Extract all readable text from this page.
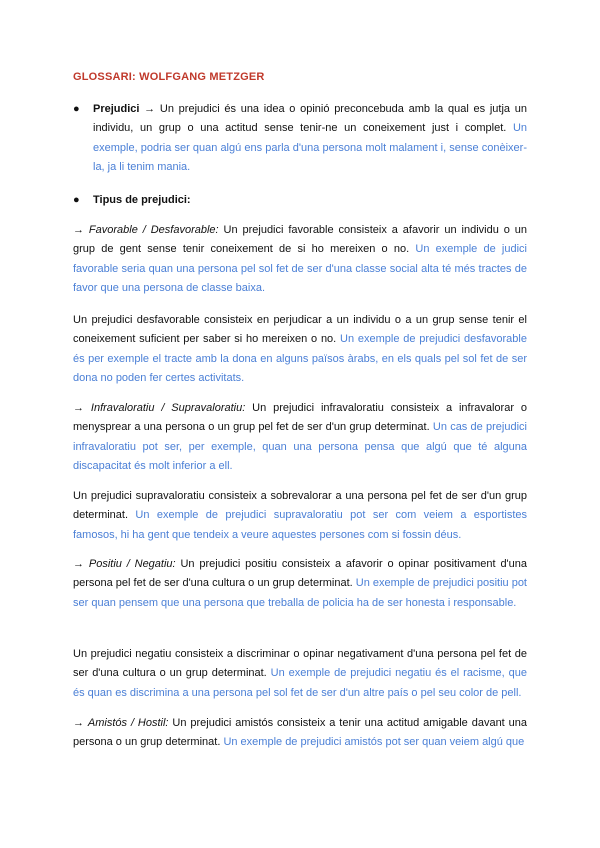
GLOSSARI: WOLFGANG METZGER
● Prejudici → Un prejudici és una idea o opinió preconcebuda amb la qual es jutja un individu, un grup o una actitud sense tenir-ne un coneixement just i complet. Un exemple, podria ser quan algú ens parla d'una persona molt malament i, sense conèixer-la, ja li tenim mania.
● Tipus de prejudici:
→ Favorable / Desfavorable: Un prejudici favorable consisteix a afavorir un individu o un grup de gent sense tenir coneixement de si ho mereixen o no. Un exemple de judici favorable seria quan una persona pel sol fet de ser d'una classe social alta té més tractes de favor que una persona de classe baixa.
Un prejudici desfavorable consisteix en perjudicar a un individu o a un grup sense tenir el coneixement suficient per saber si ho mereixen o no. Un exemple de prejudici desfavorable és per exemple el tracte amb la dona en alguns països àrabs, en els quals pel sol fet de ser dona no poden fer certes activitats.
→ Infravaloratiu / Supravaloratiu: Un prejudici infravaloratiu consisteix a infravalorar o menysprear a una persona o un grup pel fet de ser d'un grup determinat. Un cas de prejudici infravaloratiu pot ser, per exemple, quan una persona pensa que algú que té alguna discapacitat és molt inferior a ell.
Un prejudici supravaloratiu consisteix a sobrevalorar a una persona pel fet de ser d'un grup determinat. Un exemple de prejudici supravaloratiu pot ser com veiem a esportistes famosos, hi ha gent que tendeix a veure aquestes persones com si fossin déus.
→ Positiu / Negatiu: Un prejudici positiu consisteix a afavorir o opinar positivament d'una persona pel fet de ser d'una cultura o un grup determinat. Un exemple de prejudici positiu pot ser quan pensem que una persona que treballa de policia ha de ser honesta i responsable.
Un prejudici negatiu consisteix a discriminar o opinar negativament d'una persona pel fet de ser d'una cultura o un grup determinat. Un exemple de prejudici negatiu és el racisme, que és quan es discrimina a una persona pel sol fet de ser d'un altre país o pel seu color de pell.
→ Amistós / Hostil: Un prejudici amistós consisteix a tenir una actitud amigable davant una persona o un grup determinat. Un exemple de prejudici amistós pot ser quan veiem algú que
